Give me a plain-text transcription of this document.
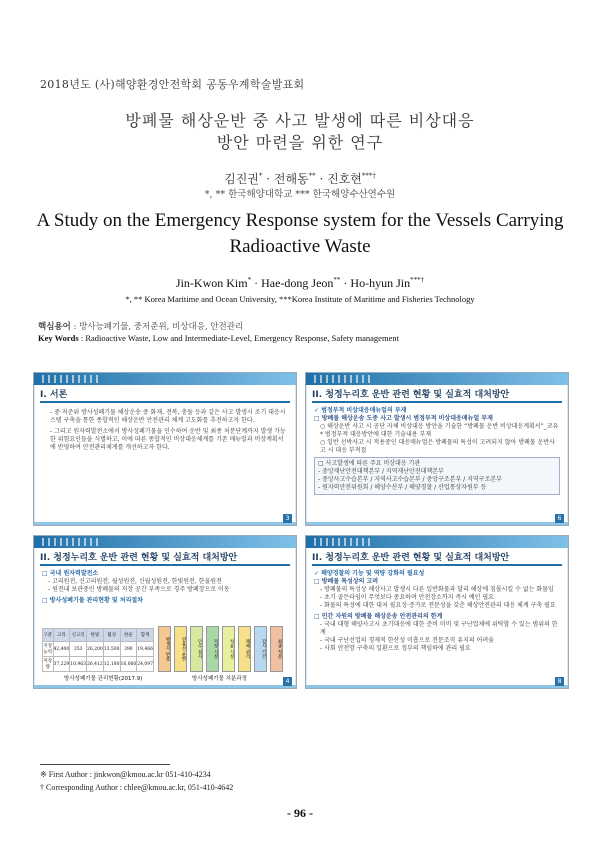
2018년도 (사)해양환경안전학회 공동우계학술발표회
방폐물 해상운반 중 사고 발생에 따른 비상대응
방안 마련을 위한 연구
김진권* · 전해동** · 진호현***†
*, ** 한국해양대학교 *** 한국해양수산연수원
A Study on the Emergency Response system for the Vessels Carrying
Radioactive Waste
Jin-Kwon Kim* · Hae-dong Jeon** · Ho-hyun Jin***†
*, ** Korea Maritime and Ocean University, ***Korea Institute of Maritime and Fisheries Technology
핵심용어 : 방사능폐기물, 중저준위, 비상대응, 안전관리
Key Words : Radioactive Waste, Low and Intermediate-Level, Emergency Response, Safety management
I. 서론
- 중·저준위 방사성폐기물 해상운송 중 화재, 전복, 충돌 등과 같은 사고 발생시 조기 대응시스템 구축을 통한 종합적인 해상운반 안전관리 체계 고도화를 추진하고자 한다.
- 그리고 원자력발전소에서 방사성폐기물을 인수하여 운반 및 최종 처분단계까지 발생 가능한 위험요인들을 식별하고, 이에 따른 종합적인 비상대응체계를 기존 매뉴얼과 비상계획서에 반영하여 안전관리체계를 개선하고자 한다.
3
II. 청정누리호 운반 관련 현황 및 실효적 대처방안
✓ 범정부적 비상대응매뉴얼의 부재
□ 방폐물 해상운송 도중 사고 발생시 범정부적 비상대응매뉴얼 부재
○ 해상운반 사고 시 공단 자체 비상대응 방안을 기술한 “방폐물 운반 비상대응계획서”_코유
* 범정부적 대응방안에 대한 기술내용 부재
○ 일반 선박사고 시 적용중인 대응매뉴얼은 방폐물의 특성이 고려되지 않아 방폐물 운반사고 시 대응 부적절
□ 사고발생에 따른 주요 비상대응 기관
- 중앙재난안전대책본부 / 지역재난안전대책본부
- 중앙사고수습본부 / 지역사고수습본부 / 중앙구조본부 / 지역구조본부
- 원자력안전위원회 / 해양수산부 / 해양경찰 / 산업통상자원부 등
6
II. 청정누리호 운반 관련 현황 및 실효적 대처방안
□ 국내 원자력발전소
- 고리원전, 신고리원전, 월성원전, 신월성원전, 한빛원전, 한울원전
- 원전내 보관중인 방폐물의 저장 공간 부족으로 경주 방폐장으로 이동
□ 방사성폐기물 관리현황 및 처리절차
구분	고리	신고리	한빛	월성	한울	합계
저장능력	42,400	353	26,200	13,500	390	19,466
저장량	37,229	10,963	26,412	12,180	16,060	24,097
발생지 반출	전용선 운반	인수 검사	저장 시설	처분 시설	폐쇄 관리	감시 기간	최종 처분
방사성폐기물 관리현황(2017.9)	방사성폐기물 처분과정	4
II. 청정누리호 운반 관련 현황 및 실효적 대처방안
✓ 해양경찰의 기능 및 역량 강화의 필요성
□ 방폐물 특성상의 고려
- 방폐물의 특성상 해상사고 발생시 다른 일반화물과 달리 해상에 침몰시킬 수 없는 화물임
- 초기 골든타임이 무엇보다 중요하며 안전장소까지 즉시 예인 필요
- 화물의 특성에 대한 대처 필요성·증가로 전문성을 갖춘 해상안전관리 대응 체계 구축 필요
□ 민간 자원의 방폐물 해상운송 안전관리의 한계
- 국내 대형 해양사고시 초기대응에 대한 준비 미비 및 구난업체에 위탁할 수 있는 범위의 한계
- 국내 구난선업의 경제적 한산성 미흡으로 전문조직 유지의 어려움
- 사회 안전망 구축의 일환으로 정부의 책임하에 관리 필요
8
※ First Author : jinkwon@kmou.ac.kr 051-410-4234
† Corresponding Author : chlee@kmou.ac.kr, 051-410-4642
- 96 -
